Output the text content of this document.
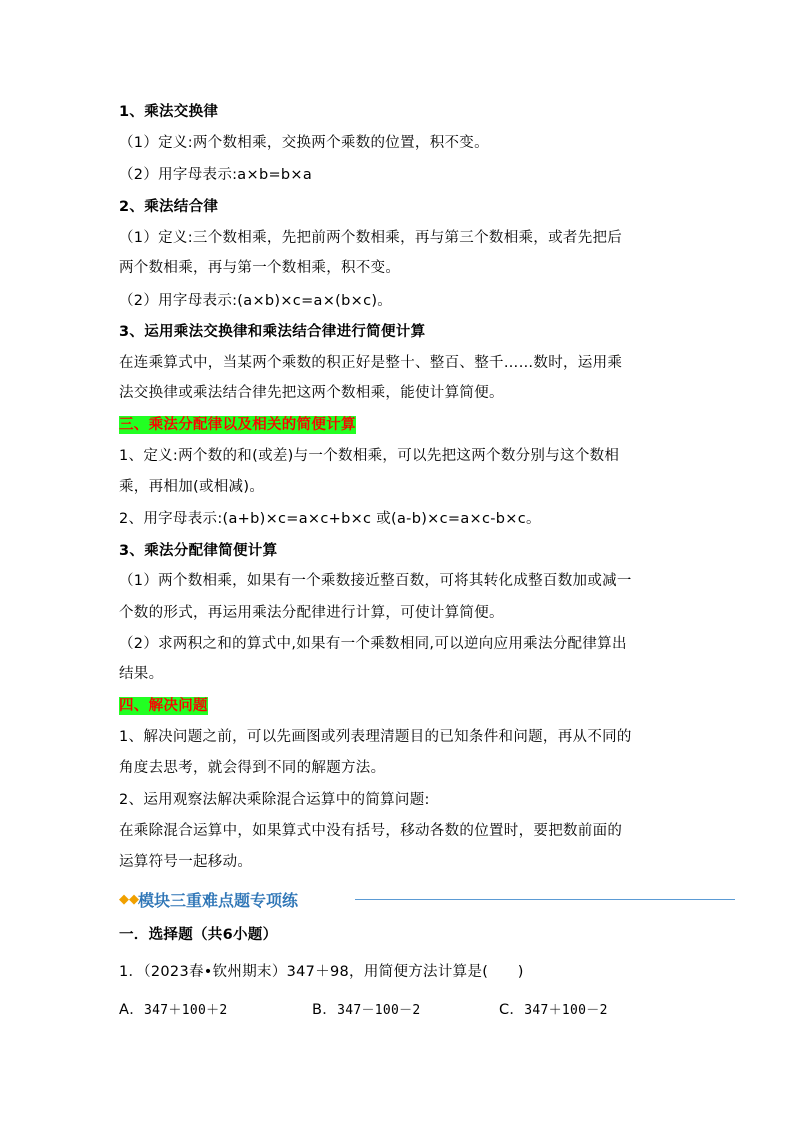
1、乘法交换律
（1）定义:两个数相乘，交换两个乘数的位置，积不变。
（2）用字母表示:a×b=b×a
2、乘法结合律
（1）定义:三个数相乘，先把前两个数相乘，再与第三个数相乘，或者先把后
两个数相乘，再与第一个数相乘，积不变。
（2）用字母表示:(a×b)×c=a×(b×c)。
3、运用乘法交换律和乘法结合律进行简便计算
在连乘算式中，当某两个乘数的积正好是整十、整百、整千……数时，运用乘
法交换律或乘法结合律先把这两个数相乘，能使计算简便。
三、乘法分配律以及相关的简便计算
1、定义:两个数的和(或差)与一个数相乘，可以先把这两个数分别与这个数相
乘，再相加(或相减)。
2、用字母表示:(a+b)×c=a×c+b×c 或(a-b)×c=a×c-b×c。
3、乘法分配律简便计算
（1）两个数相乘，如果有一个乘数接近整百数，可将其转化成整百数加或减一
个数的形式，再运用乘法分配律进行计算，可使计算简便。
（2）求两积之和的算式中,如果有一个乘数相同,可以逆向应用乘法分配律算出
结果。
四、解决问题
1、解决问题之前，可以先画图或列表理清题目的已知条件和问题，再从不同的
角度去思考，就会得到不同的解题方法。
2、运用观察法解决乘除混合运算中的简算问题:
在乘除混合运算中，如果算式中没有括号，移动各数的位置时，要把数前面的
运算符号一起移动。
◆◆ 模块三重难点题专项练
一．选择题（共6小题）
1．（2023春•钦州期末）347＋98，用简便方法计算是(　　)
A．347＋100＋2	B．347－100－2	C．347＋100－2
